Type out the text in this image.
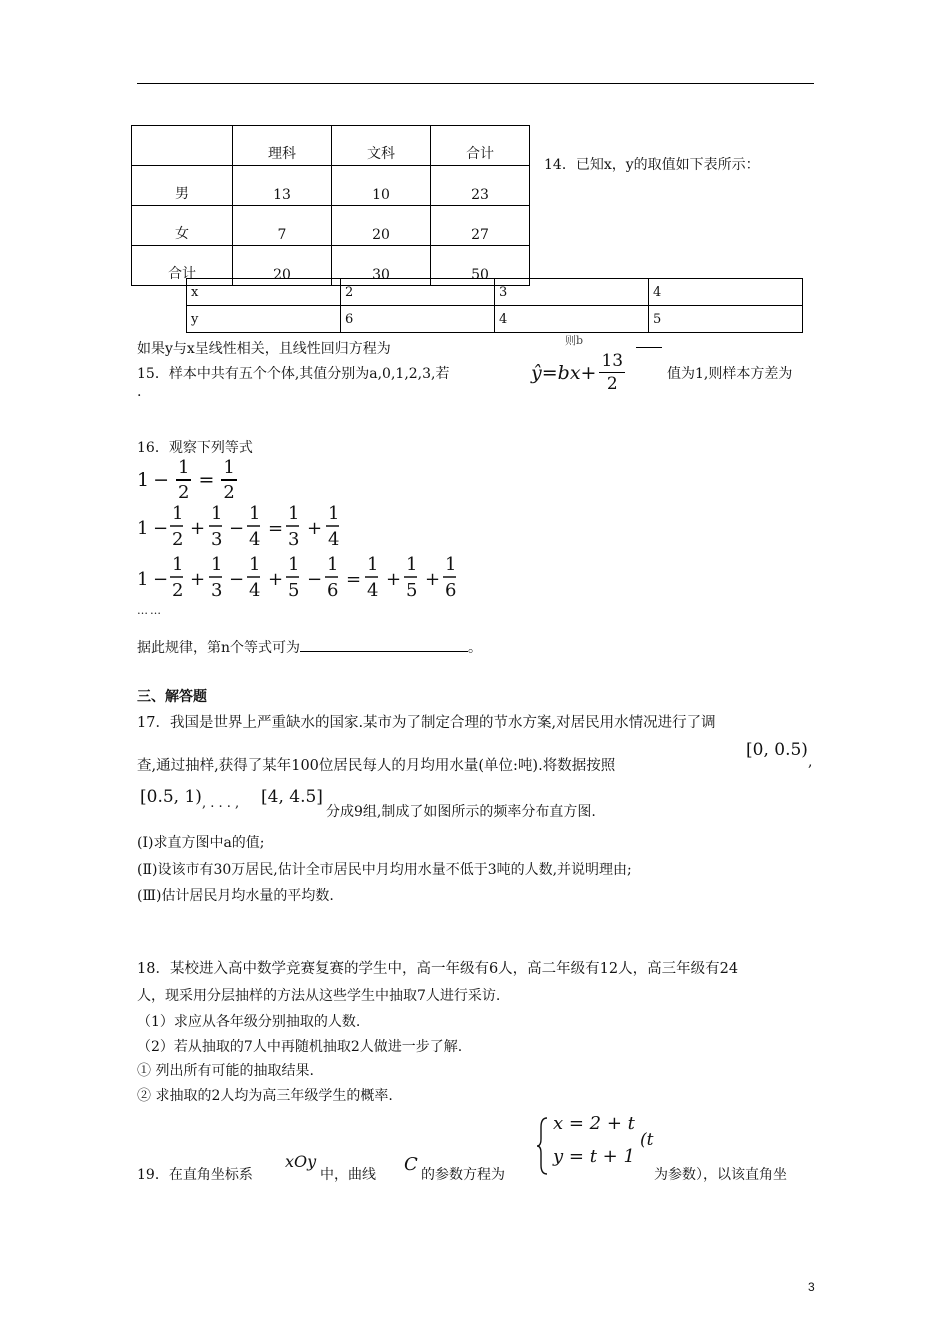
	理科	文科	合计
男	13	10	23
女	7	20	27
合计	20	30	50
14．已知x，y的取值如下表所示：
x	2	3	4
y	6	4	5
如果y与x呈线性相关，且线性回归方程为
则b
ŷ=bx+ $\frac{13}{2}$
15．样本中共有五个个体,其值分别为a,0,1,2,3,若	值为1,则样本方差为
.
16．观察下列等式
$1 - \frac{1}{2} = \frac{1}{2}$
1 −
1
2
+
1
3
−
1
4
=
1
3
+
1
4
1 −
1
2
+
1
3
−
1
4
+
1
5
−
1
6
=
1
4
+
1
5
+
1
6
……
据此规律，第n个等式可为	。
三、解答题
17．我国是世界上严重缺水的国家.某市为了制定合理的节水方案,对居民用水情况进行了调
查,通过抽样,获得了某年100位居民每人的月均用水量(单位:吨).将数据按照
[0, 0.5)
,
[0.5, 1) , . . . , [4, 4.5]
分成9组,制成了如图所示的频率分布直方图.
(Ⅰ)求直方图中a的值;
(Ⅱ)设该市有30万居民,估计全市居民中月均用水量不低于3吨的人数,并说明理由;
(Ⅲ)估计居民月均水量的平均数.
18．某校进入高中数学竞赛复赛的学生中，高一年级有6人，高二年级有12人，高三年级有24
人，现采用分层抽样的方法从这些学生中抽取7人进行采访.
（1）求应从各年级分别抽取的人数.
（2）若从抽取的7人中再随机抽取2人做进一步了解.
① 列出所有可能的抽取结果.
② 求抽取的2人均为高三年级学生的概率.
19．在直角坐标系
xOy
中，曲线 C 的参数方程为
x = 2 + t
y = t + 1
(t
为参数），以该直角坐
3
